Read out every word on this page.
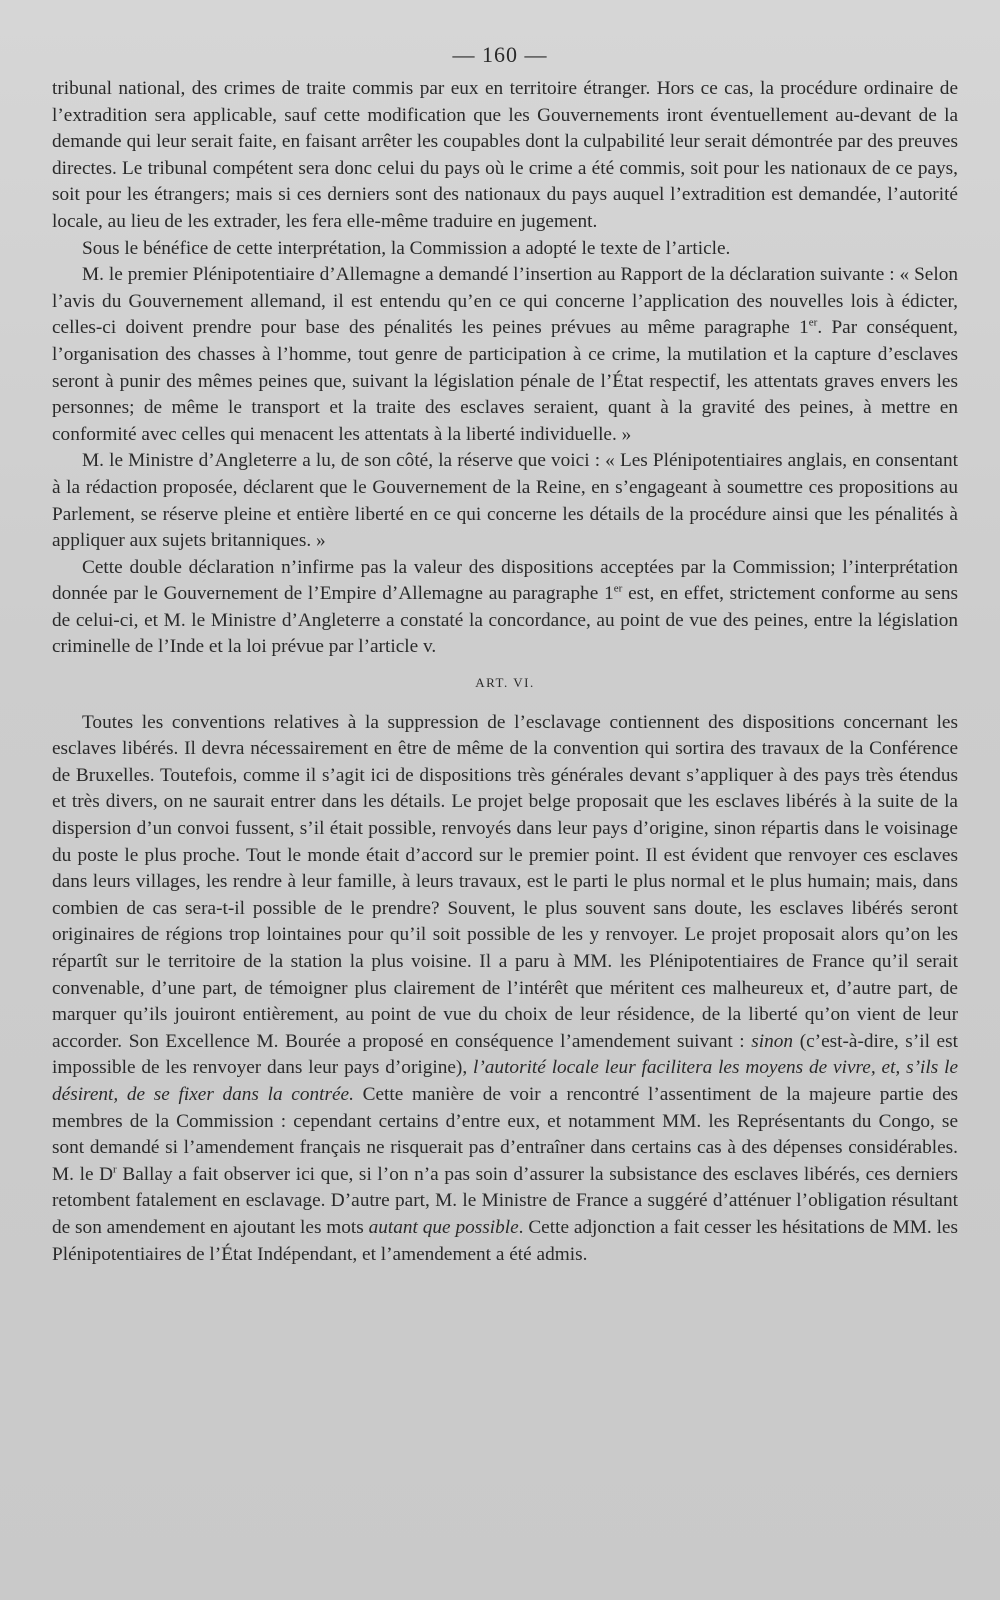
— 160 —

tribunal national, des crimes de traite commis par eux en territoire étranger. Hors ce cas, la procédure ordinaire de l’extradition sera applicable, sauf cette modification que les Gouvernements iront éventuellement au-devant de la demande qui leur serait faite, en faisant arrêter les coupables dont la culpabilité leur serait démontrée par des preuves directes. Le tribunal compétent sera donc celui du pays où le crime a été commis, soit pour les nationaux de ce pays, soit pour les étrangers; mais si ces derniers sont des nationaux du pays auquel l’extradition est demandée, l’autorité locale, au lieu de les extrader, les fera elle-même traduire en jugement.

Sous le bénéfice de cette interprétation, la Commission a adopté le texte de l’article.

M. le premier Plénipotentiaire d’Allemagne a demandé l’insertion au Rapport de la déclaration suivante : « Selon l’avis du Gouvernement allemand, il est entendu qu’en ce qui concerne l’application des nouvelles lois à édicter, celles-ci doivent prendre pour base des pénalités les peines prévues au même paragraphe 1er. Par conséquent, l’organisation des chasses à l’homme, tout genre de participation à ce crime, la mutilation et la capture d’esclaves seront à punir des mêmes peines que, suivant la législation pénale de l’État respectif, les attentats graves envers les personnes; de même le transport et la traite des esclaves seraient, quant à la gravité des peines, à mettre en conformité avec celles qui menacent les attentats à la liberté individuelle. »

M. le Ministre d’Angleterre a lu, de son côté, la réserve que voici : « Les Plénipotentiaires anglais, en consentant à la rédaction proposée, déclarent que le Gouvernement de la Reine, en s’engageant à soumettre ces propositions au Parlement, se réserve pleine et entière liberté en ce qui concerne les détails de la procédure ainsi que les pénalités à appliquer aux sujets britanniques. »

Cette double déclaration n’infirme pas la valeur des dispositions acceptées par la Commission; l’interprétation donnée par le Gouvernement de l’Empire d’Allemagne au paragraphe 1er est, en effet, strictement conforme au sens de celui-ci, et M. le Ministre d’Angleterre a constaté la concordance, au point de vue des peines, entre la législation criminelle de l’Inde et la loi prévue par l’article v.

ART. VI.

Toutes les conventions relatives à la suppression de l’esclavage contiennent des dispositions concernant les esclaves libérés. Il devra nécessairement en être de même de la convention qui sortira des travaux de la Conférence de Bruxelles. Toutefois, comme il s’agit ici de dispositions très générales devant s’appliquer à des pays très étendus et très divers, on ne saurait entrer dans les détails. Le projet belge proposait que les esclaves libérés à la suite de la dispersion d’un convoi fussent, s’il était possible, renvoyés dans leur pays d’origine, sinon répartis dans le voisinage du poste le plus proche. Tout le monde était d’accord sur le premier point. Il est évident que renvoyer ces esclaves dans leurs villages, les rendre à leur famille, à leurs travaux, est le parti le plus normal et le plus humain; mais, dans combien de cas sera-t-il possible de le prendre? Souvent, le plus souvent sans doute, les esclaves libérés seront originaires de régions trop lointaines pour qu’il soit possible de les y renvoyer. Le projet proposait alors qu’on les répartît sur le territoire de la station la plus voisine. Il a paru à MM. les Plénipotentiaires de France qu’il serait convenable, d’une part, de témoigner plus clairement de l’intérêt que méritent ces malheureux et, d’autre part, de marquer qu’ils jouiront entièrement, au point de vue du choix de leur résidence, de la liberté qu’on vient de leur accorder. Son Excellence M. Bourée a proposé en conséquence l’amendement suivant : sinon (c’est-à-dire, s’il est impossible de les renvoyer dans leur pays d’origine), l’autorité locale leur facilitera les moyens de vivre, et, s’ils le désirent, de se fixer dans la contrée. Cette manière de voir a rencontré l’assentiment de la majeure partie des membres de la Commission : cependant certains d’entre eux, et notamment MM. les Représentants du Congo, se sont demandé si l’amendement français ne risquerait pas d’entraîner dans certains cas à des dépenses considérables. M. le $D^r$ Ballay a fait observer ici que, si l’on n’a pas soin d’assurer la subsistance des esclaves libérés, ces derniers retombent fatalement en esclavage. D’autre part, M. le Ministre de France a suggéré d’atténuer l’obligation résultant de son amendement en ajoutant les mots autant que possible. Cette adjonction a fait cesser les hésitations de MM. les Plénipotentiaires de l’État Indépendant, et l’amendement a été admis.
